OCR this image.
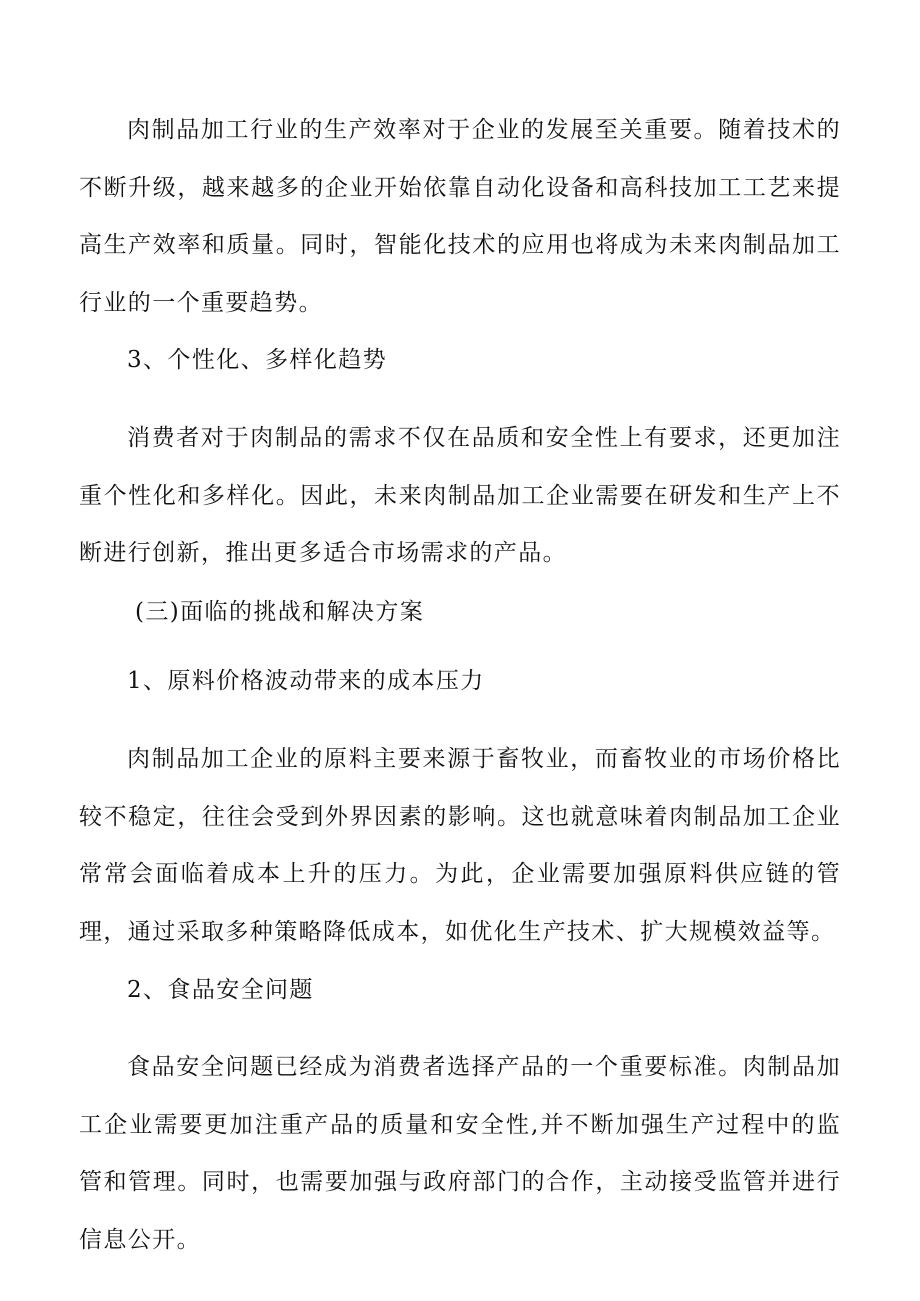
肉制品加工行业的生产效率对于企业的发展至关重要。随着技术的不断升级，越来越多的企业开始依靠自动化设备和高科技加工工艺来提高生产效率和质量。同时，智能化技术的应用也将成为未来肉制品加工行业的一个重要趋势。

3、个性化、多样化趋势

消费者对于肉制品的需求不仅在品质和安全性上有要求，还更加注重个性化和多样化。因此，未来肉制品加工企业需要在研发和生产上不断进行创新，推出更多适合市场需求的产品。

(三)面临的挑战和解决方案

1、原料价格波动带来的成本压力

肉制品加工企业的原料主要来源于畜牧业，而畜牧业的市场价格比较不稳定，往往会受到外界因素的影响。这也就意味着肉制品加工企业常常会面临着成本上升的压力。为此，企业需要加强原料供应链的管理，通过采取多种策略降低成本，如优化生产技术、扩大规模效益等。

2、食品安全问题

食品安全问题已经成为消费者选择产品的一个重要标准。肉制品加工企业需要更加注重产品的质量和安全性,并不断加强生产过程中的监管和管理。同时，也需要加强与政府部门的合作，主动接受监管并进行信息公开。
